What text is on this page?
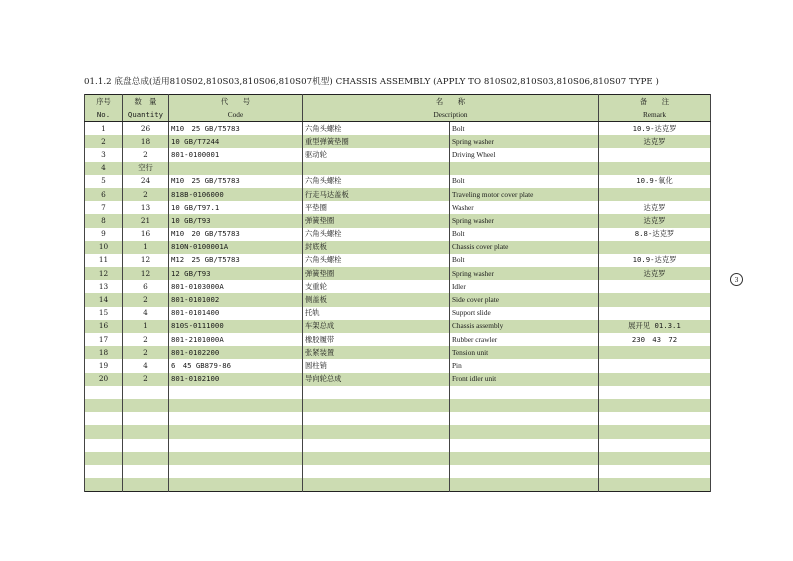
01.1.2 底盘总成(适用810S02,810S03,810S06,810S07机型) CHASSIS ASSEMBLY (APPLY TO 810S02,810S03,810S06,810S07 TYPE )
序号	数　量	代　　号	名　　称		备　　注
No.	Quantity	Code	Description		Remark
1	26	M10　25 GB/T5783	六角头螺栓	Bolt	10.9-达克罗
2	18	10 GB/T7244	重型弹簧垫圈	Spring washer	达克罗
3	2	801-0100001	驱动轮	Driving Wheel	
4	空行				
5	24	M10　25 GB/T5783	六角头螺栓	Bolt	10.9-氧化
6	2	818B-0106000	行走马达盖板	Traveling motor cover plate	
7	13	10 GB/T97.1	平垫圈	Washer	达克罗
8	21	10 GB/T93	弹簧垫圈	Spring washer	达克罗
9	16	M10　20 GB/T5783	六角头螺栓	Bolt	8.8-达克罗
10	1	810N-0100001A	封底板	Chassis cover plate	
11	12	M12　25 GB/T5783	六角头螺栓	Bolt	10.9-达克罗
12	12	12 GB/T93	弹簧垫圈	Spring washer	达克罗
13	6	801-0103000A	支重轮	Idler	
14	2	801-0101002	侧盖板	Side cover plate	
15	4	801-0101400	托轨	Support slide	
16	1	810S-0111000	车架总成	Chassis assembly	展开见 01.3.1
17	2	801-2101000A	橡胶履带	Rubber crawler	230　43　72
18	2	801-0102200	张紧装置	Tension unit	
19	4	6　45 GB879-86	圆柱销	Pin	
20	2	801-0102100	导向轮总成	Front idler unit	

3
